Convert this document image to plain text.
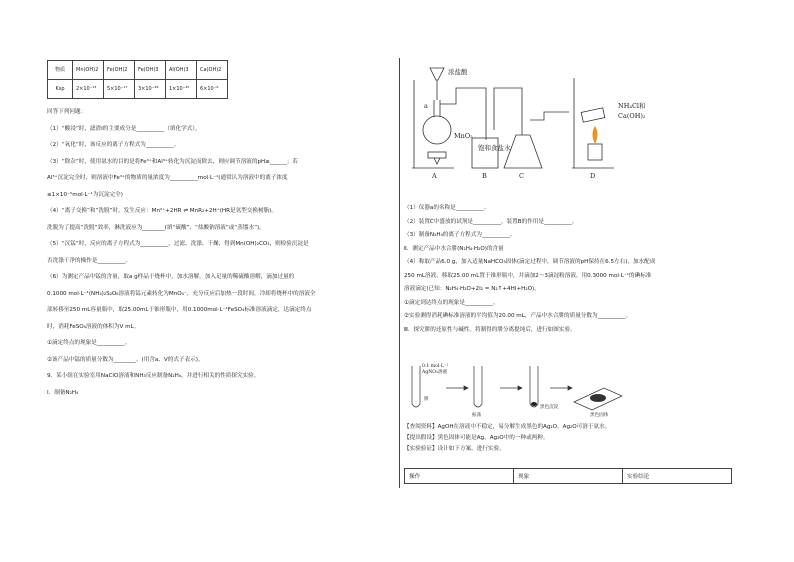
物质	Mn(OH)2	Fe(OH)2	Fe(OH)3	Al(OH)3	Ca(OH)2
Ksp	2×10⁻¹³	5×10⁻¹⁷	3×10⁻³⁹	1×10⁻³²	6×10⁻⁶
回答下列问题：
（1）“酸浸”时，滤渣Ⅰ的主要成分是__________（填化学式）。
（2）“氧化”时，该反应的离子方程式为__________。
（3）“除杂”时，使用氨水的目的是将Fe³⁺和Al³⁺转化为沉淀而除去，则应调节溶液的pH≥______；若
Al³⁺沉淀完全时，则溶液中Fe³⁺的物质的量浓度为__________mol·L⁻¹(通常认为溶液中的离子浓度
≤1×10⁻⁵mol·L⁻¹为沉淀完全)
（4）“离子交换”和“洗脱”时，发生反应：Mn²⁺+2HR ⇌ MnR₂+2H⁺(HR是氢型交换树脂)。
洗脱为了提高“洗脱”效率，淋洗液应为________(填“硫酸”、“盐酸钠溶液”或“蒸馏水”)。
（5）“沉锰”时，反应的离子方程式为__________，过滤、洗涤、干燥，得到Mn(OH)₂CO₃，则检验沉淀是
否洗涤干净的操作是__________。
（6）为测定产品中锰的含量，取a g样品于烧杯中，加水溶解，加入足量的稀硫酸溶解，滴加过量的
0.1000 mol·L⁻¹(NH₄)₂S₂O₈溶液将锰元素转化为MnO₄⁻，充分反应后加热一段时间，冷却将烧杯中的溶液全
部转移至250 mL容量瓶中，取25.00mL于锥形瓶中，用0.1000mol·L⁻¹FeSO₄标准溶液滴定，达滴定终点
时，消耗FeSO₄溶液的体积为V mL。
①滴定终点的现象是__________。
②该产品中锰的质量分数为________。(用含a、V的式子表示)。
9．某小组在实验室用NaClO溶液和NH₃反应制备N₂H₄，并进行相关的性质探究实验。
Ⅰ．制备N₂H₄
浓盐酸
a
MnO₂
饱和食盐水
NH₄Cl和
Ca(OH)₂
A	B	C	D
（1）仪器a的名称是__________。
（2）装置C中盛放的试剂是__________，装置B的作用是__________。
（3）制备N₂H₄的离子方程式为__________。
Ⅱ．测定产品中水合肼(N₂H₄·H₂O)的含量
（4）称取产品6.0 g，加入适量NaHCO₃固体(滴定过程中，调节溶液的pH保持在6.5左右)，加水配成
250 mL溶液，移取25.00 mL置于锥形瓶中，并滴加2～3滴淀粉溶液，用0.3000 mol·L⁻¹的碘标准
溶液滴定(已知：N₂H₄·H₂O+2I₂ = N₂↑+4HI+H₂O)。
①滴定到达终点的现象是__________。
②实验测得消耗碘标准溶液的平均值为20.00 mL，产品中水合肼的质量分数为__________。
Ⅲ．探究肼的还原性与碱性。将制得的肼分离提纯后，进行如图实验。
0.1 mol·L⁻¹
AgNO₃溶液
肼
振荡
黑色沉淀
黑色固体
【查阅资料】AgOH在溶液中不稳定，易分解生成黑色的Ag₂O，Ag₂O可溶于氨水。
【提出假设】黑色固体可能是Ag、Ag₂O中的一种或两种。
【实验验证】设计如下方案，进行实验。
操作	现象	实验结论
